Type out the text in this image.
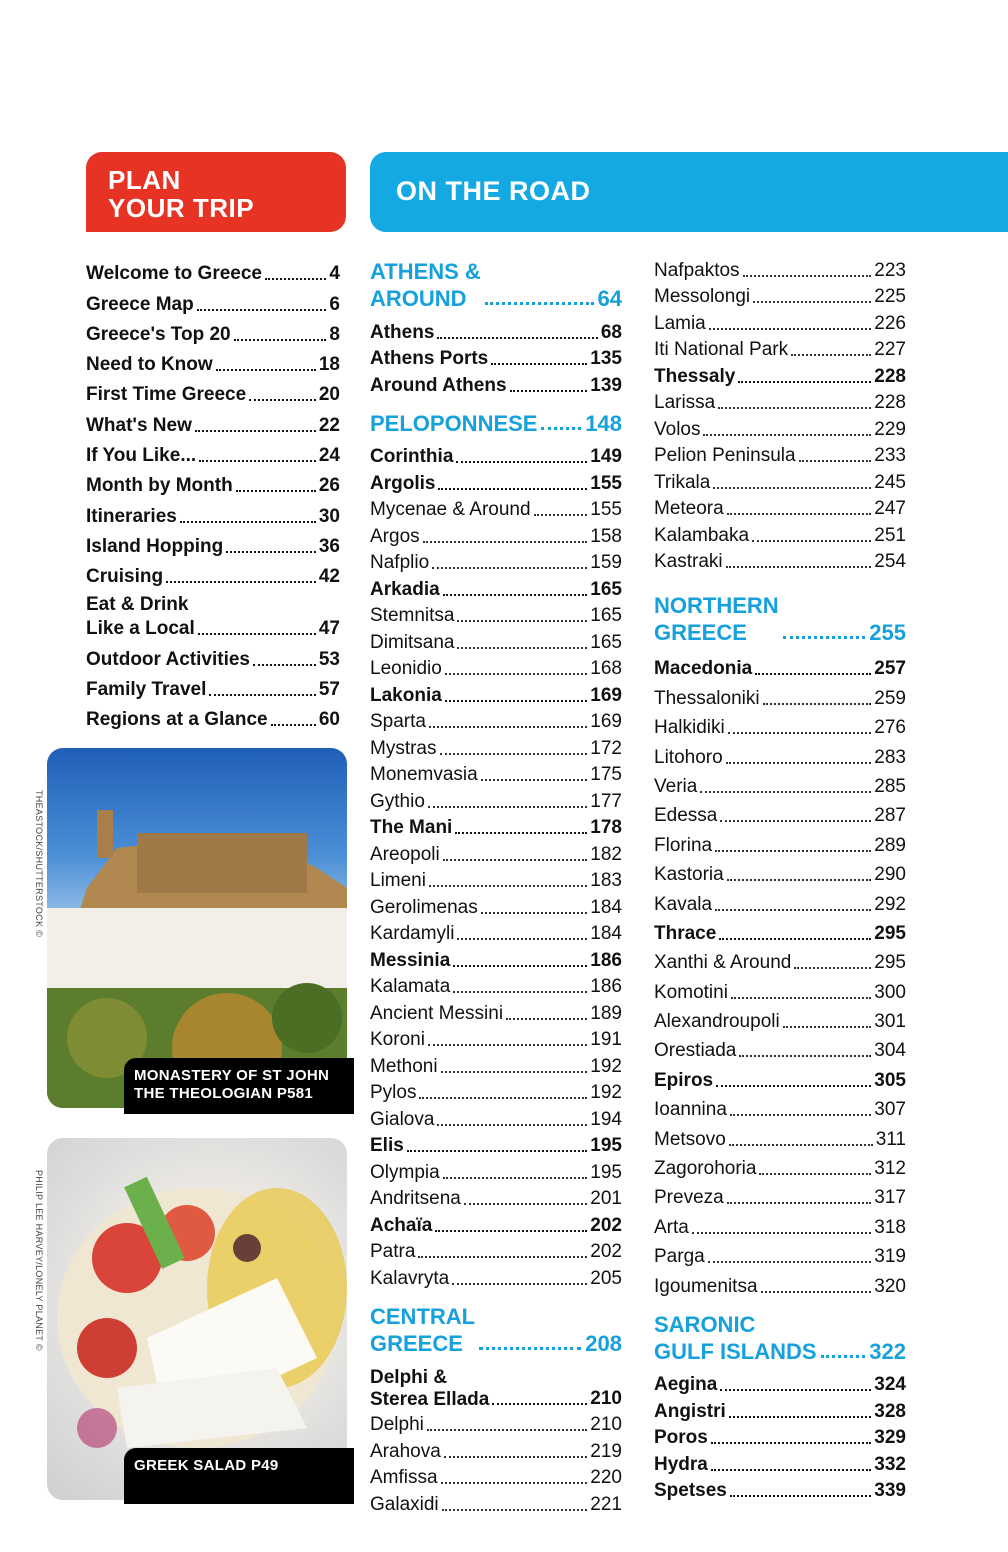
PLAN
YOUR TRIP
ON THE ROAD
Welcome to Greece	4
Greece Map	6
Greece's Top 20	8
Need to Know	18
First Time Greece	20
What's New	22
If You Like...	24
Month by Month	26
Itineraries	30
Island Hopping	36
Cruising	42
Eat & Drink
Like a Local	47
Outdoor Activities	53
Family Travel	57
Regions at a Glance	60
ATHENS &
AROUND	64
Athens	68
Athens Ports	135
Around Athens	139
PELOPONNESE 148
Corinthia	149
Argolis	155
Mycenae & Around	155
Argos	158
Nafplio	159
Arkadia	165
Stemnitsa	165
Dimitsana	165
Leonidio	168
Lakonia	169
Sparta	169
Mystras	172
Monemvasia	175
Gythio	177
The Mani	178
Areopoli	182
Limeni	183
Gerolimenas	184
Kardamyli	184
Messinia	186
Kalamata	186
Ancient Messini	189
Koroni	191
Methoni	192
Pylos	192
Gialova	194
Elis	195
Olympia	195
Andritsena	201
Achaïa	202
Patra	202
Kalavryta	205
CENTRAL
GREECE	208
Delphi &
Sterea Ellada	210
Delphi	210
Arahova	219
Amfissa	220
Galaxidi	221
Nafpaktos	223
Messolongi	225
Lamia	226
Iti National Park	227
Thessaly	228
Larissa	228
Volos	229
Pelion Peninsula	233
Trikala	245
Meteora	247
Kalambaka	251
Kastraki	254
NORTHERN
GREECE	255
Macedonia	257
Thessaloniki	259
Halkidiki	276
Litohoro	283
Veria	285
Edessa	287
Florina	289
Kastoria	290
Kavala	292
Thrace	295
Xanthi & Around	295
Komotini	300
Alexandroupoli	301
Orestiada	304
Epiros	305
Ioannina	307
Metsovo	311
Zagorohoria	312
Preveza	317
Arta	318
Parga	319
Igoumenitsa	320
SARONIC
GULF ISLANDS 322
Aegina	324
Angistri	328
Poros	329
Hydra	332
Spetses	339
MONASTERY OF ST JOHN
THE THEOLOGIAN P581
THEASTOCK/SHUTTERSTOCK ©
GREEK SALAD P49
PHILIP LEE HARVEY/LONELY PLANET ©
